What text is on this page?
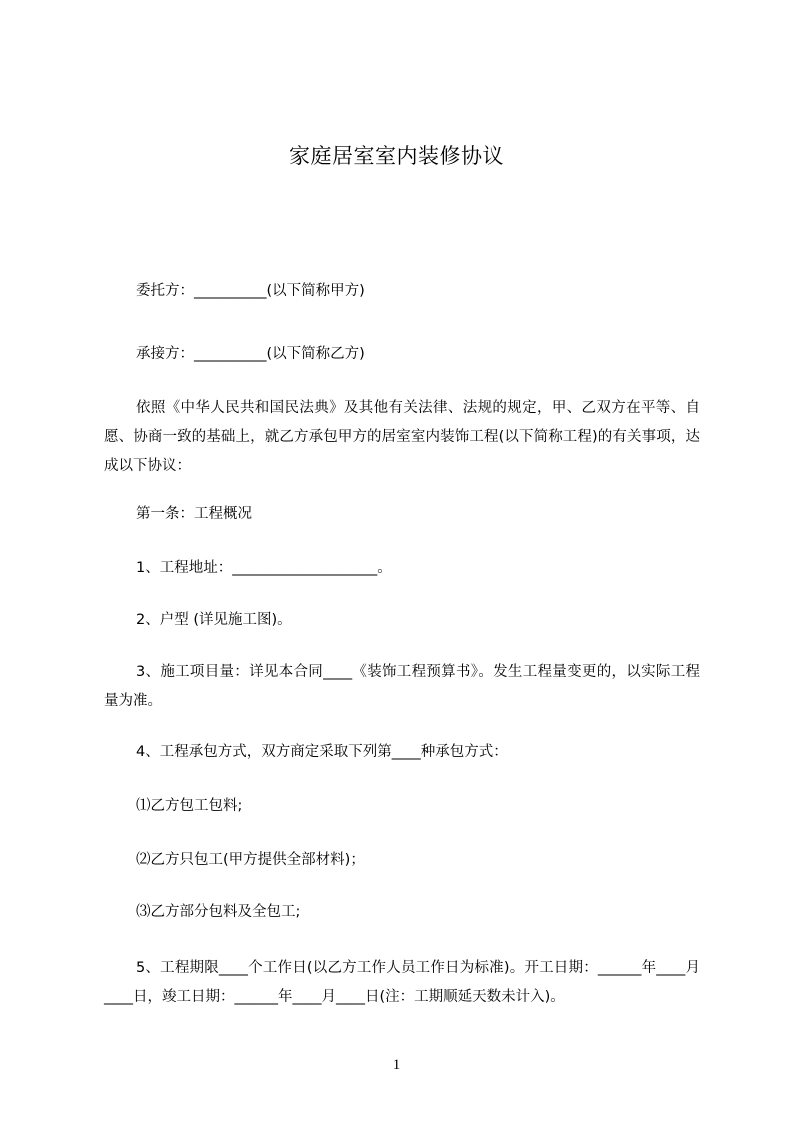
家庭居室室内装修协议

委托方：__________(以下简称甲方)

承接方：__________(以下简称乙方)

依照《中华人民共和国民法典》及其他有关法律、法规的规定，甲、乙双方在平等、自愿、协商一致的基础上，就乙方承包甲方的居室室内装饰工程(以下简称工程)的有关事项，达成以下协议：

第一条：工程概况

1、工程地址：____________________。

2、户型 (详见施工图)。

3、施工项目量：详见本合同____《装饰工程预算书》。发生工程量变更的，以实际工程量为准。

4、工程承包方式，双方商定采取下列第____种承包方式：

⑴乙方包工包料;

⑵乙方只包工(甲方提供全部材料)；

⑶乙方部分包料及全包工;

5、工程期限____个工作日(以乙方工作人员工作日为标准)。开工日期：______年____月____日，竣工日期：______年____月____日(注：工期顺延天数未计入)。

1
